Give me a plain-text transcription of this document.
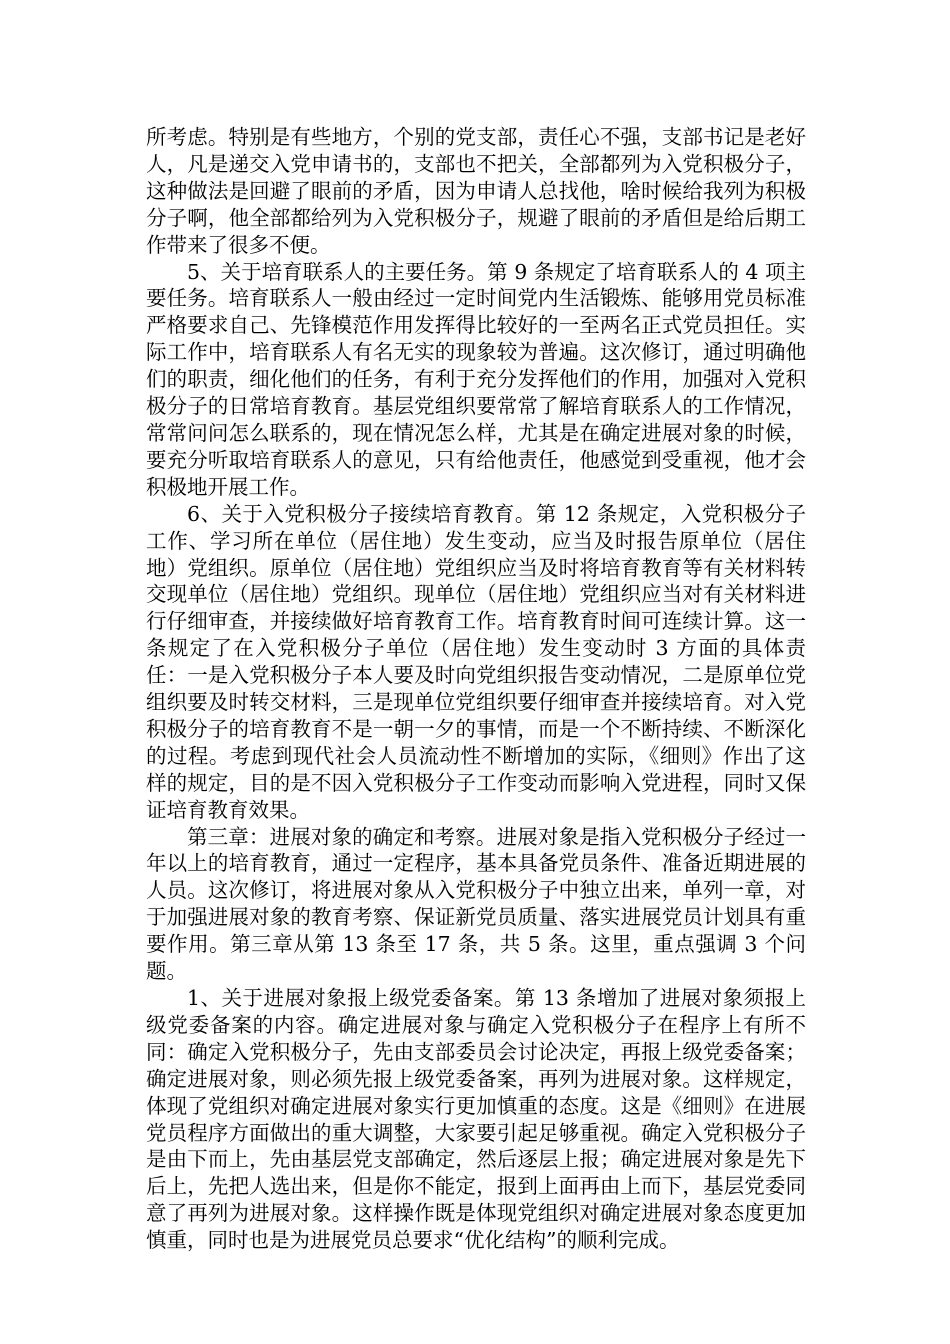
所考虑。特别是有些地方，个别的党支部，责任心不强，支部书记是老好人，凡是递交入党申请书的，支部也不把关，全部都列为入党积极分子，这种做法是回避了眼前的矛盾，因为申请人总找他，啥时候给我列为积极分子啊，他全部都给列为入党积极分子，规避了眼前的矛盾但是给后期工作带来了很多不便。

5、关于培育联系人的主要任务。第 9 条规定了培育联系人的 4 项主要任务。培育联系人一般由经过一定时间党内生活锻炼、能够用党员标准严格要求自己、先锋模范作用发挥得比较好的一至两名正式党员担任。实际工作中，培育联系人有名无实的现象较为普遍。这次修订，通过明确他们的职责，细化他们的任务，有利于充分发挥他们的作用，加强对入党积极分子的日常培育教育。基层党组织要常常了解培育联系人的工作情况，常常问问怎么联系的，现在情况怎么样，尤其是在确定进展对象的时候，要充分听取培育联系人的意见，只有给他责任，他感觉到受重视，他才会积极地开展工作。

6、关于入党积极分子接续培育教育。第 12 条规定，入党积极分子工作、学习所在单位（居住地）发生变动，应当及时报告原单位（居住地）党组织。原单位（居住地）党组织应当及时将培育教育等有关材料转交现单位（居住地）党组织。现单位（居住地）党组织应当对有关材料进行仔细审查，并接续做好培育教育工作。培育教育时间可连续计算。这一条规定了在入党积极分子单位（居住地）发生变动时 3 方面的具体责任：一是入党积极分子本人要及时向党组织报告变动情况，二是原单位党组织要及时转交材料，三是现单位党组织要仔细审查并接续培育。对入党积极分子的培育教育不是一朝一夕的事情，而是一个不断持续、不断深化的过程。考虑到现代社会人员流动性不断增加的实际，《细则》作出了这样的规定，目的是不因入党积极分子工作变动而影响入党进程，同时又保证培育教育效果。

第三章：进展对象的确定和考察。进展对象是指入党积极分子经过一年以上的培育教育，通过一定程序，基本具备党员条件、准备近期进展的人员。这次修订，将进展对象从入党积极分子中独立出来，单列一章，对于加强进展对象的教育考察、保证新党员质量、落实进展党员计划具有重要作用。第三章从第 13 条至 17 条，共 5 条。这里，重点强调 3 个问题。

1、关于进展对象报上级党委备案。第 13 条增加了进展对象须报上级党委备案的内容。确定进展对象与确定入党积极分子在程序上有所不同：确定入党积极分子，先由支部委员会讨论决定，再报上级党委备案；确定进展对象，则必须先报上级党委备案，再列为进展对象。这样规定，体现了党组织对确定进展对象实行更加慎重的态度。这是《细则》在进展党员程序方面做出的重大调整，大家要引起足够重视。确定入党积极分子是由下而上，先由基层党支部确定，然后逐层上报；确定进展对象是先下后上，先把人选出来，但是你不能定，报到上面再由上而下，基层党委同意了再列为进展对象。这样操作既是体现党组织对确定进展对象态度更加慎重，同时也是为进展党员总要求“优化结构”的顺利完成。
